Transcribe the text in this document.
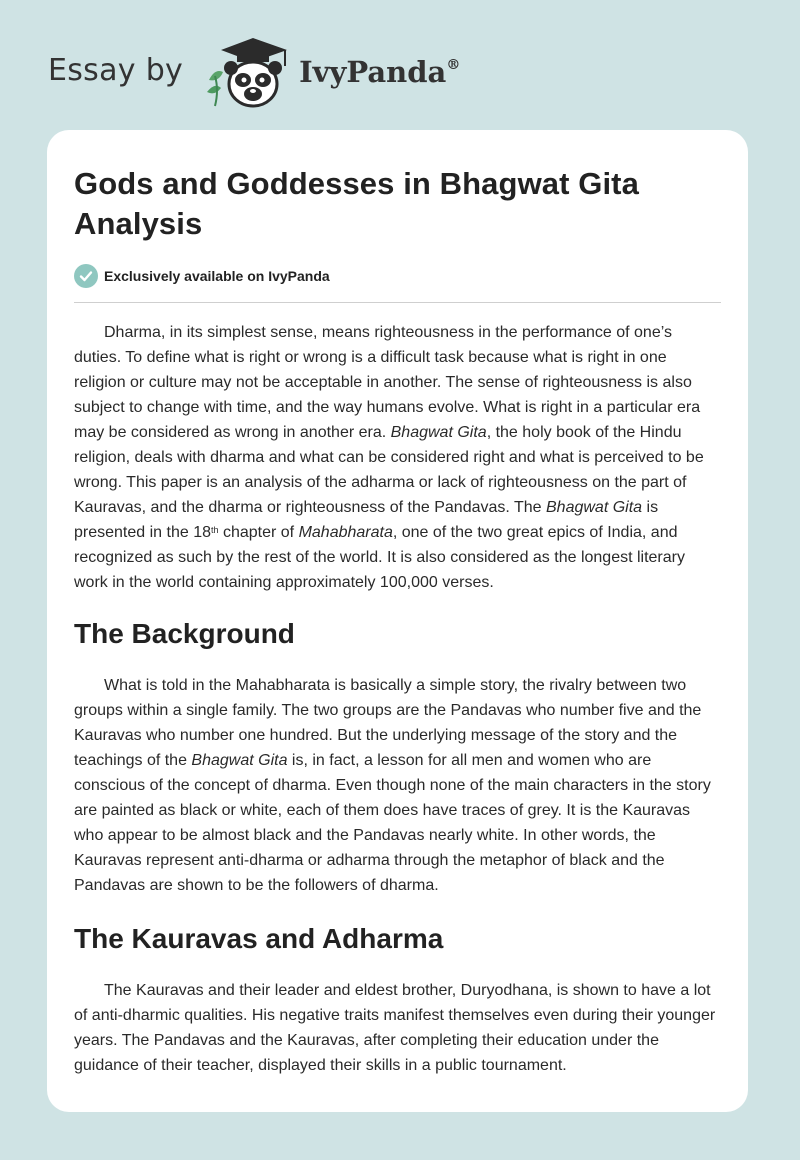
Essay by	IvyPanda®
Gods and Goddesses in Bhagwat Gita Analysis
Exclusively available on IvyPanda

Dharma, in its simplest sense, means righteousness in the performance of one’s duties. To define what is right or wrong is a difficult task because what is right in one religion or culture may not be acceptable in another. The sense of righteousness is also subject to change with time, and the way humans evolve. What is right in a particular era may be considered as wrong in another era. Bhagwat Gita, the holy book of the Hindu religion, deals with dharma and what can be considered right and what is perceived to be wrong. This paper is an analysis of the adharma or lack of righteousness on the part of Kauravas, and the dharma or righteousness of the Pandavas. The Bhagwat Gita is presented in the 18th chapter of Mahabharata, one of the two great epics of India, and recognized as such by the rest of the world. It is also considered as the longest literary work in the world containing approximately 100,000 verses.

The Background

What is told in the Mahabharata is basically a simple story, the rivalry between two groups within a single family. The two groups are the Pandavas who number five and the Kauravas who number one hundred. But the underlying message of the story and the teachings of the Bhagwat Gita is, in fact, a lesson for all men and women who are conscious of the concept of dharma. Even though none of the main characters in the story are painted as black or white, each of them does have traces of grey. It is the Kauravas who appear to be almost black and the Pandavas nearly white. In other words, the Kauravas represent anti-dharma or adharma through the metaphor of black and the Pandavas are shown to be the followers of dharma.

The Kauravas and Adharma

The Kauravas and their leader and eldest brother, Duryodhana, is shown to have a lot of anti-dharmic qualities. His negative traits manifest themselves even during their younger years. The Pandavas and the Kauravas, after completing their education under the guidance of their teacher, displayed their skills in a public tournament.
